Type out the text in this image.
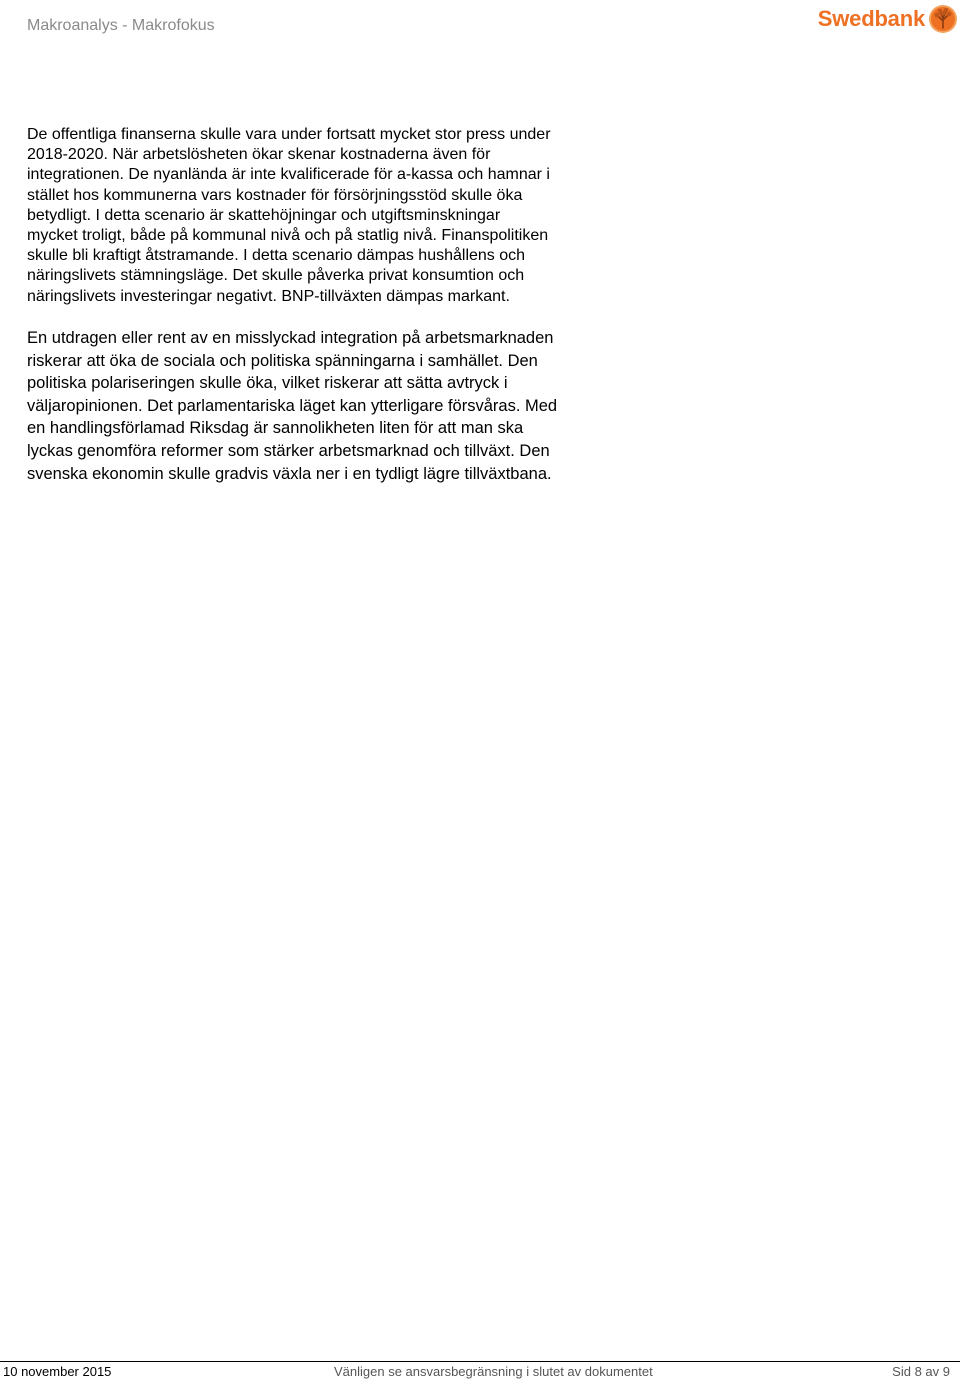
Makroanalys - Makrofokus	Swedbank
De offentliga finanserna skulle vara under fortsatt mycket stor press under
2018-2020. När arbetslösheten ökar skenar kostnaderna även för
integrationen. De nyanlända är inte kvalificerade för a-kassa och hamnar i
stället hos kommunerna vars kostnader för försörjningsstöd skulle öka
betydligt. I detta scenario är skattehöjningar och utgiftsminskningar
mycket troligt, både på kommunal nivå och på statlig nivå. Finanspolitiken
skulle bli kraftigt åtstramande. I detta scenario dämpas hushållens och
näringslivets stämningsläge. Det skulle påverka privat konsumtion och
näringslivets investeringar negativt. BNP-tillväxten dämpas markant.
En utdragen eller rent av en misslyckad integration på arbetsmarknaden
riskerar att öka de sociala och politiska spänningarna i samhället. Den
politiska polariseringen skulle öka, vilket riskerar att sätta avtryck i
väljaropinionen. Det parlamentariska läget kan ytterligare försvåras. Med
en handlingsförlamad Riksdag är sannolikheten liten för att man ska
lyckas genomföra reformer som stärker arbetsmarknad och tillväxt. Den
svenska ekonomin skulle gradvis växla ner i en tydligt lägre tillväxtbana.
10 november 2015	Vänligen se ansvarsbegränsning i slutet av dokumentet	Sid 8 av 9
